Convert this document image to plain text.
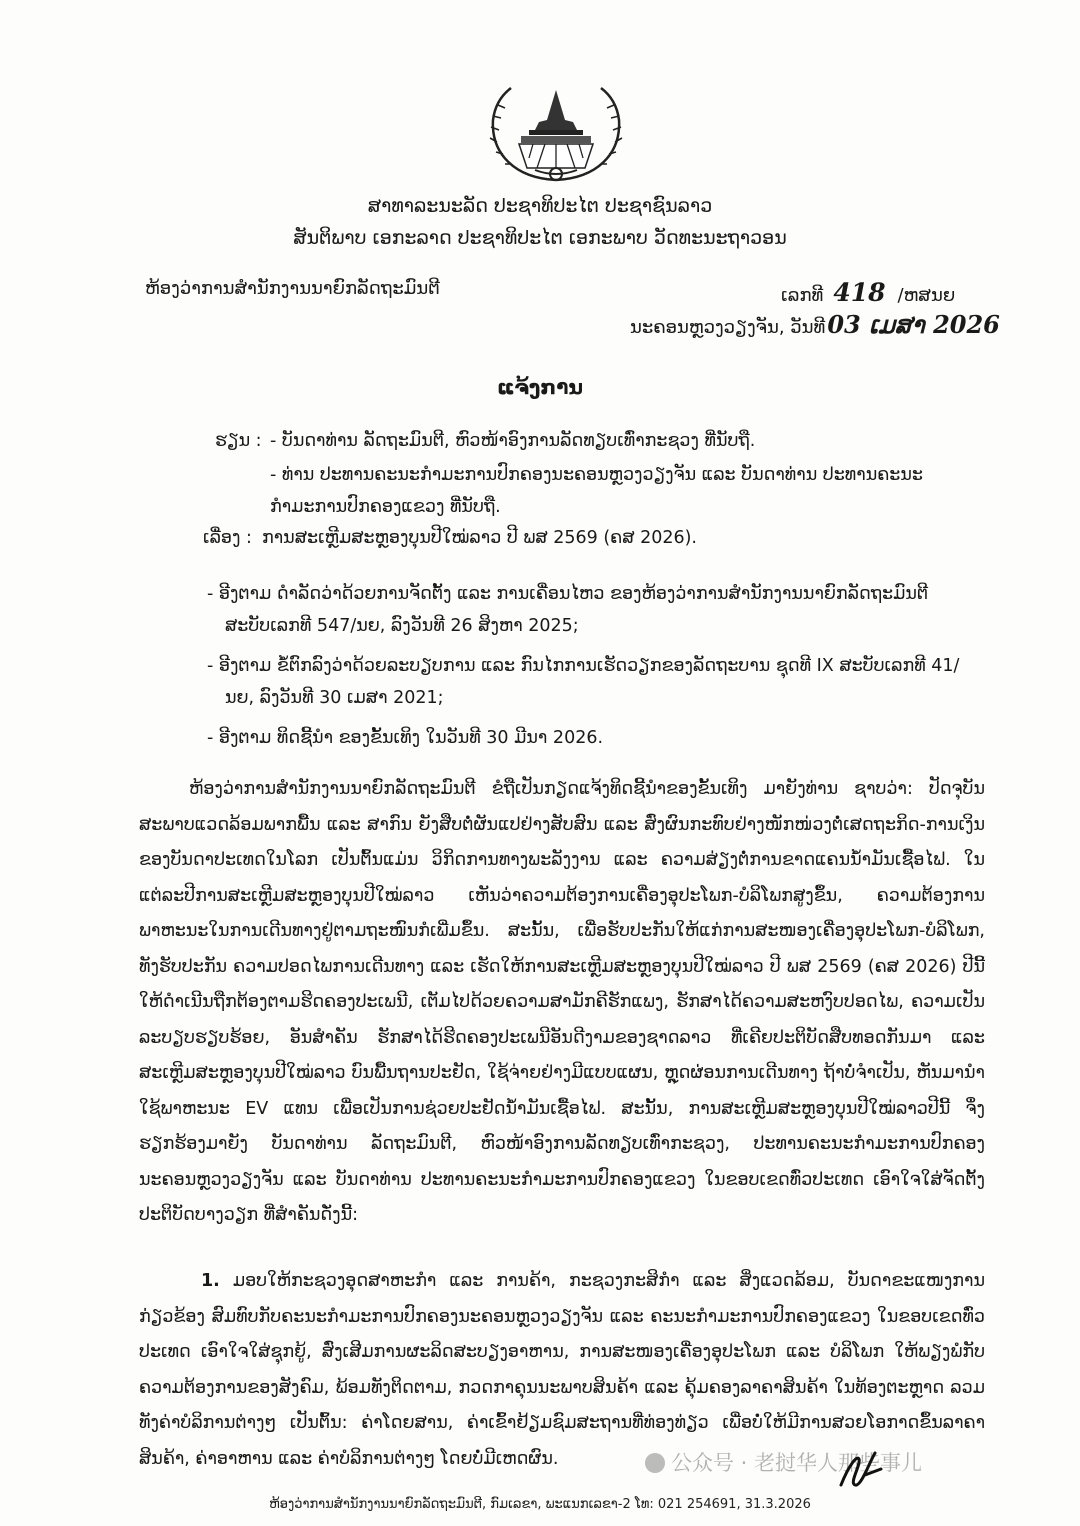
ສາທາລະນະລັດ ປະຊາທິປະໄຕ ປະຊາຊົນລາວ
ສັນຕິພາບ ເອກະລາດ ປະຊາທິປະໄຕ ເອກະພາບ ວັດທະນະຖາວອນ
ຫ້ອງວ່າການສຳນັກງານນາຍົກລັດຖະມົນຕີ	ເລກທີ 418 /ຫສນຍ
ນະຄອນຫຼວງວຽງຈັນ, ວັນທີ03 ເມສາ 2026
ແຈ້ງການ
ຮຽນ : - ບັນດາທ່ານ ລັດຖະມົນຕີ, ຫົວໜ້າອົງການລັດທຽບເທົ່າກະຊວງ ທີ່ນັບຖື.
- ທ່ານ ປະທານຄະນະກຳມະການປົກຄອງນະຄອນຫຼວງວຽງຈັນ ແລະ ບັນດາທ່ານ ປະທານຄະນະກຳມະການປົກຄອງແຂວງ ທີ່ນັບຖື.
ເລື່ອງ : ການສະເຫຼີມສະຫຼອງບຸນປີໃໝ່ລາວ ປີ ພສ 2569 (ຄສ 2026).

- ອີງຕາມ ດຳລັດວ່າດ້ວຍການຈັດຕັ້ງ ແລະ ການເຄື່ອນໄຫວ ຂອງຫ້ອງວ່າການສຳນັກງານນາຍົກລັດຖະມົນຕີ ສະບັບເລກທີ 547/ນຍ, ລົງວັນທີ 26 ສິງຫາ 2025;

- ອີງຕາມ ຂໍ້ຕົກລົງວ່າດ້ວຍລະບຽບການ ແລະ ກົນໄກການເຮັດວຽກຂອງລັດຖະບານ ຊຸດທີ IX ສະບັບເລກທີ 41/ນຍ, ລົງວັນທີ 30 ເມສາ 2021;

- ອີງຕາມ ທິດຊີ້ນຳ ຂອງຂັ້ນເທິງ ໃນວັນທີ 30 ມີນາ 2026.

ຫ້ອງວ່າການສຳນັກງານນາຍົກລັດຖະມົນຕີ ຂໍຖືເປັນກຽດແຈ້ງທິດຊີ້ນຳຂອງຂັ້ນເທິງ ມາຍັງທ່ານ ຊາບວ່າ: ປັດຈຸບັນ ສະພາບແວດລ້ອມພາກພື້ນ ແລະ ສາກົນ ຍັງສືບຕໍ່ຜັນແປຢ່າງສັບສົນ ແລະ ສົ່ງຜົນກະທົບຢ່າງໜັກໜ່ວງຕໍ່ເສດຖະກິດ-ການເງິນ ຂອງບັນດາປະເທດໃນໂລກ ເປັນຕົ້ນແມ່ນ ວິກິດການທາງພະລັງງານ ແລະ ຄວາມສ່ຽງຕໍ່ການຂາດແຄນນ້ຳມັນເຊື້ອໄຟ. ໃນແຕ່ລະປີການສະເຫຼີມສະຫຼອງບຸນປີໃໝ່ລາວ ເຫັນວ່າຄວາມຕ້ອງການເຄື່ອງອຸປະໂພກ-ບໍລິໂພກສູງຂຶ້ນ, ຄວາມຕ້ອງການພາຫະນະໃນການເດີນທາງຢູ່ຕາມຖະໜົນກໍເພີ່ມຂຶ້ນ. ສະນັ້ນ, ເພື່ອຮັບປະກັນໃຫ້ແກ່ການສະໜອງເຄື່ອງອຸປະໂພກ-ບໍລິໂພກ, ທັງຮັບປະກັນ ຄວາມປອດໄພການເດີນທາງ ແລະ ເຮັດໃຫ້ການສະເຫຼີມສະຫຼອງບຸນປີໃໝ່ລາວ ປີ ພສ 2569 (ຄສ 2026) ປີນີ້ ໃຫ້ດຳເນີນຖືກຕ້ອງຕາມຮີດຄອງປະເພນີ, ເຕັມໄປດ້ວຍຄວາມສາມັກຄີຮັກແພງ, ຮັກສາໄດ້ຄວາມສະຫງົບປອດໄພ, ຄວາມເປັນລະບຽບຮຽບຮ້ອຍ, ອັນສຳຄັນ ຮັກສາໄດ້ຮີດຄອງປະເພນີອັນດີງາມຂອງຊາດລາວ ທີ່ເຄີຍປະຕິບັດສືບທອດກັນມາ ແລະ ສະເຫຼີມສະຫຼອງບຸນປີໃໝ່ລາວ ບົນພື້ນຖານປະຢັດ, ໃຊ້ຈ່າຍຢ່າງມີແບບແຜນ, ຫຼຸດຜ່ອນການເດີນທາງ ຖ້າບໍ່ຈຳເປັນ, ຫັນມານຳໃຊ້ພາຫະນະ EV ແທນ ເພື່ອເປັນການຊ່ວຍປະຢັດນ້ຳມັນເຊື້ອໄຟ. ສະນັ້ນ, ການສະເຫຼີມສະຫຼອງບຸນປີໃໝ່ລາວປີນີ້ ຈຶ່ງຮຽກຮ້ອງມາຍັງ ບັນດາທ່ານ ລັດຖະມົນຕີ, ຫົວໜ້າອົງການລັດທຽບເທົ່າກະຊວງ, ປະທານຄະນະກຳມະການປົກຄອງນະຄອນຫຼວງວຽງຈັນ ແລະ ບັນດາທ່ານ ປະທານຄະນະກຳມະການປົກຄອງແຂວງ ໃນຂອບເຂດທົ່ວປະເທດ ເອົາໃຈໃສ່ຈັດຕັ້ງປະຕິບັດບາງວຽກ ທີ່ສຳຄັນດັ່ງນີ້:

1. ມອບໃຫ້ກະຊວງອຸດສາຫະກຳ ແລະ ການຄ້າ, ກະຊວງກະສິກຳ ແລະ ສິ່ງແວດລ້ອມ, ບັນດາຂະແໜງການກ່ຽວຂ້ອງ ສົມທົບກັບຄະນະກຳມະການປົກຄອງນະຄອນຫຼວງວຽງຈັນ ແລະ ຄະນະກຳມະການປົກຄອງແຂວງ ໃນຂອບເຂດທົ່ວປະເທດ ເອົາໃຈໃສ່ຊຸກຍູ້, ສົ່ງເສີມການຜະລິດສະບຽງອາຫານ, ການສະໜອງເຄື່ອງອຸປະໂພກ ແລະ ບໍລິໂພກ ໃຫ້ພຽງພໍກັບຄວາມຕ້ອງການຂອງສັງຄົມ, ພ້ອມທັງຕິດຕາມ, ກວດກາຄຸນນະພາບສິນຄ້າ ແລະ ຄຸ້ມຄອງລາຄາສິນຄ້າ ໃນທ້ອງຕະຫຼາດ ລວມທັງຄ່າບໍລິການຕ່າງໆ ເປັນຕົ້ນ: ຄ່າໂດຍສານ, ຄ່າເຂົ້າຢ້ຽມຊົມສະຖານທີ່ທ່ອງທ່ຽວ ເພື່ອບໍ່ໃຫ້ມີການສວຍໂອກາດຂຶ້ນລາຄາສິນຄ້າ, ຄ່າອາຫານ ແລະ ຄ່າບໍລິການຕ່າງໆ ໂດຍບໍ່ມີເຫດຜົນ.	公众号 · 老挝华人那些事儿
ຫ້ອງວ່າການສຳນັກງານນາຍົກລັດຖະມົນຕີ, ກົມເລຂາ, ພະແນກເລຂາ-2 ໂທ: 021 254691, 31.3.2026
